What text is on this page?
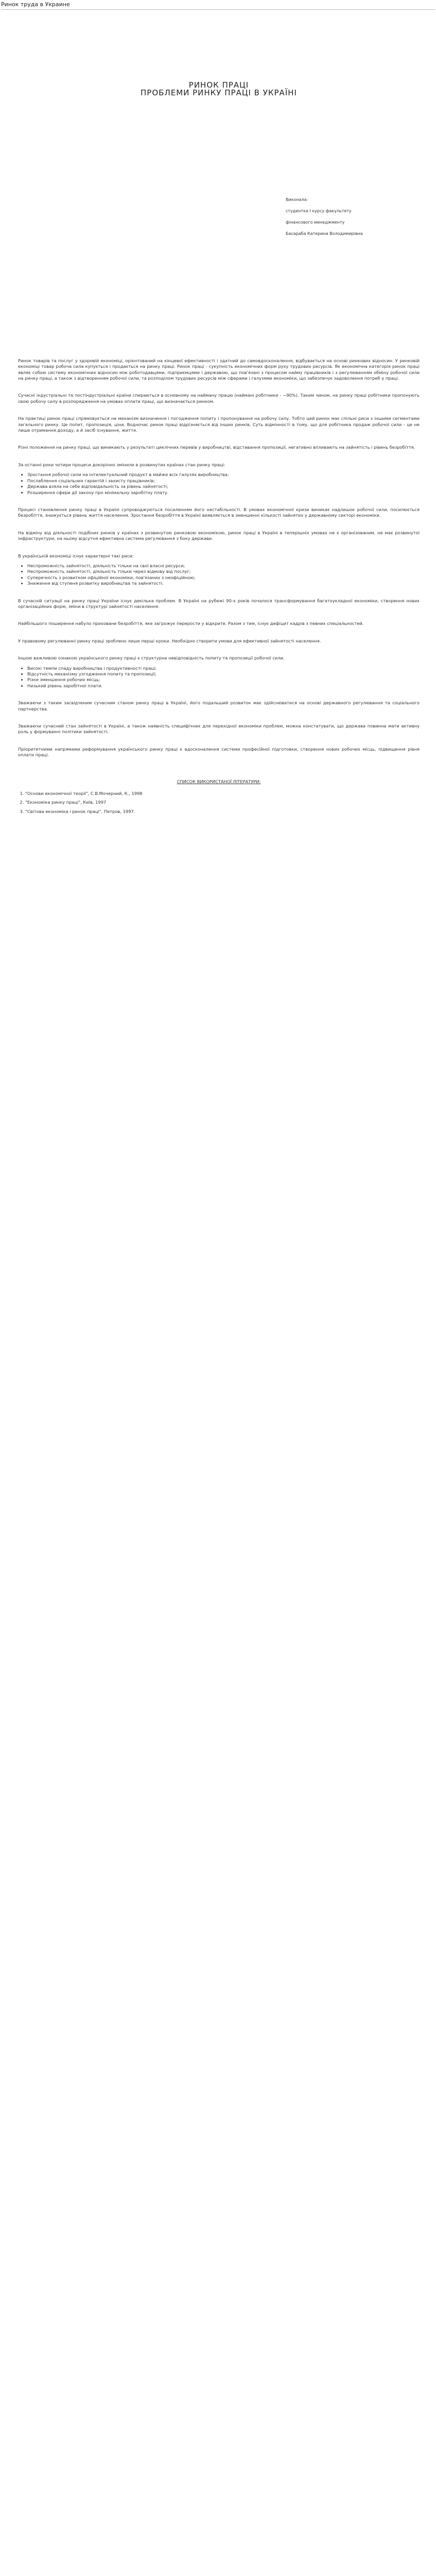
Ринок труда в Украине
РИНОК ПРАЦІ
ПРОБЛЕМИ РИНКУ ПРАЦІ В УКРАЇНІ
Виконала:
студентка I курсу факультету
фінансового менеджменту
Басараба Катерина Володимирівна

Ринок товарів та послуг у здоровій економіці, орієнтований на кінцевої ефективності і здатний до самовдосконалення, відбувається на основі ринкових відносин. У ринковій економіці товар робоча сила купується і продається на ринку праці. Ринок праці - сукупність економічних форм руху трудових ресурсів. Як економічна категорія ринок праці являє собою систему економічних відносин між роботодавцями, підприємцями і державою, що пов'язані з процесом найму працівників і з регулюванням обміну робочої сили на ринку праці, а також з відтворенням робочої сили, та розподілом трудових ресурсів між сферами і галузями економіки, що забезпечує задоволення потреб у праці.

Сучасні індустріальні та постіндустріальні країни спираються в основному на найману працю (наймані робітники - ~90%). Таким чином, на ринку праці робітники пропонують свою робочу силу в розпорядження на умовах оплати праці, що визначається ринком.

На практиці ринок праці спрямовується не механізм визначення і погодження попиту і пропонування на робочу силу. Тобто цей ринок має спільні риси з іншими сегментами загального ринку. Це попит, пропозиція, ціна. Водночас ринок праці відрізняється від інших ринків. Суть відмінності в тому, що для робітника продаж робочої сили - це не лише отримання доходу, а й засіб існування, життя.

Різні положення на ринку праці, що виникають у результаті циклічних перевів у виробництві, відставання пропозиції, негативно впливають на зайнятість і рівень безробіття.

За останні роки чотири процеси докорінно змінили в розвинутих країнах стан ринку праці:

• Зростання робочої сили на інтелектуальний продукт в майже всіх галузях виробництва;
• Послаблення соціальних гарантій і захисту працівників;
• Держава взяла на себе відповідальність за рівень зайнятості;
• Розширення сфери дії закону про мінімальну заробітну плату.

Процесі становлення ринку праці в Україні супроводжуються посиленням його нестабільності. В умовах економічної кризи виникає надлишок робочої сили, посилюється безробіття, знижується рівень життя населення. Зростання безробіття в Україні виявляється в зменшенні кількості зайнятих у державному секторі економіки.

На відміну від діяльності подібних ринків у країнах з розвинутою ринковою економікою, ринок праці в Україні в теперішніх умовах не є організованим, не має розвинутої інфраструктури, на ньому відсутня ефективна система регулювання з боку держави.

В українській економіці існує характерні такі риси:

• Неспроможність зайнятості, діяльність тільки на свої власні ресурси;
• Неспроможність зайнятості, діяльність тільки через відмову від послуг;
• Суперечність з розвитком офіційної економіки, пов'язаних з неофіційною;
• Зниження від ступеня розвитку виробництва та зайнятості.

В сучасній ситуації на ринку праці України існує декілька проблем. В Україні на рубежі 90-х років почалося трансформування багатоукладної економіки, створення нових організаційних форм, зміни в структурі зайнятості населення.

Найбільшого поширення набуло приховане безробіття, яке загрожує перерости у відкрите. Разом з тим, існує дефіцит кадрів з певних спеціальностей.

У правовому регулюванні ринку праці зроблено лише перші кроки. Необхідно створити умови для ефективної зайнятості населення.

Іншою важливою ознакою українського ринку праці є структурна невідповідність попиту та пропозиції робочої сили.

• Високі темпи спаду виробництва і продуктивності праці;
• Відсутність механізму узгодження попиту та пропозиції;
• Різке зменшення робочих місць;
• Низький рівень заробітної плати.

Зважаючи з таким засвідченим сучасним станом ринку праці в Україні, його подальший розвиток має здійснюватися на основі державного регулювання та соціального партнерства.

Зважаючи сучасний стан зайнятості в Україні, а також наявність специфічних для перехідної економіки проблем, можна констатувати, що держава повинна мати активну роль у формуванні політики зайнятості.

Пріоритетними напрямами реформування українського ринку праці є вдосконалення системи професійної підготовки, створення нових робочих місць, підвищення рівня оплати праці.

СПИСОК ВИКОРИСТАНОЇ ЛІТЕРАТУРИ:
1. "Основи економічної теорії", С.В.Мочерний, К., 1998
2. "Економіка ринку праці", Київ, 1997
3. "Світова економіка і ринок праці", Петров, 1997.
